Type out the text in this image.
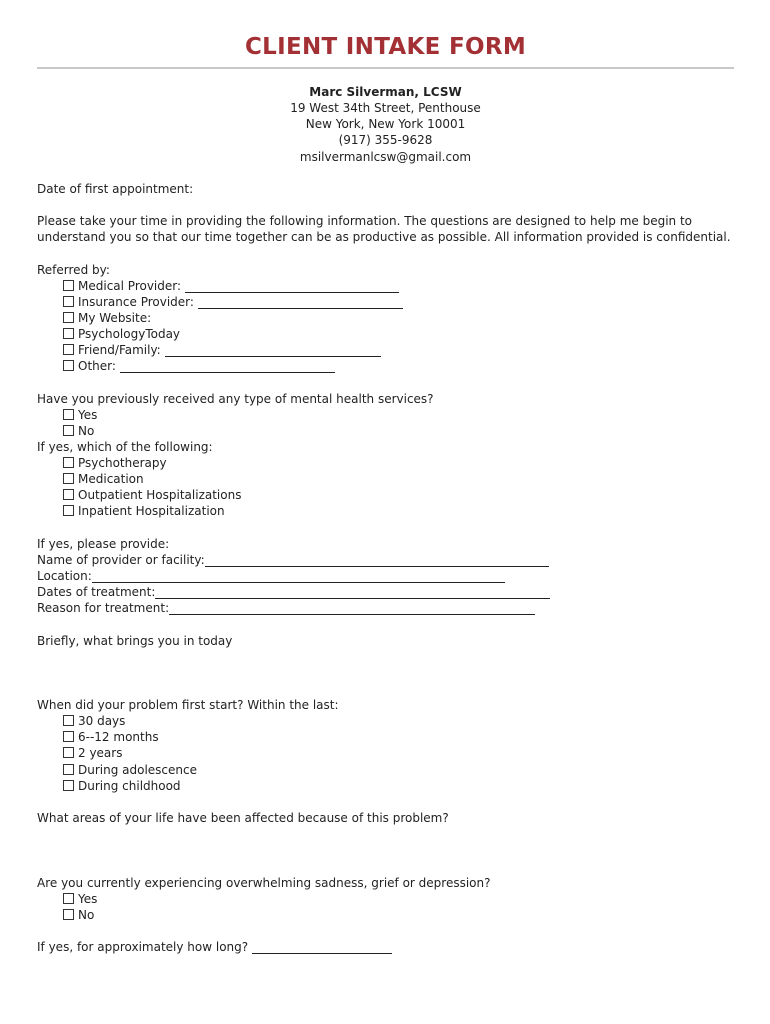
CLIENT INTAKE FORM
Marc Silverman, LCSW
19 West 34th Street, Penthouse
New York, New York 10001
(917) 355-9628
msilvermanlcsw@gmail.com
Date of first appointment:
Please take your time in providing the following information. The questions are designed to help me begin to
understand you so that our time together can be as productive as possible. All information provided is confidential.
Referred by:
Medical Provider:
Insurance Provider:
My Website:
PsychologyToday
Friend/Family:
Other:
Have you previously received any type of mental health services?
Yes
No
If yes, which of the following:
Psychotherapy
Medication
Outpatient Hospitalizations
Inpatient Hospitalization
If yes, please provide:
Name of provider or facility:
Location:
Dates of treatment:
Reason for treatment:
Briefly, what brings you in today
When did your problem first start? Within the last:
30 days
6--12 months
2 years
During adolescence
During childhood
What areas of your life have been affected because of this problem?
Are you currently experiencing overwhelming sadness, grief or depression?
Yes
No
If yes, for approximately how long?
